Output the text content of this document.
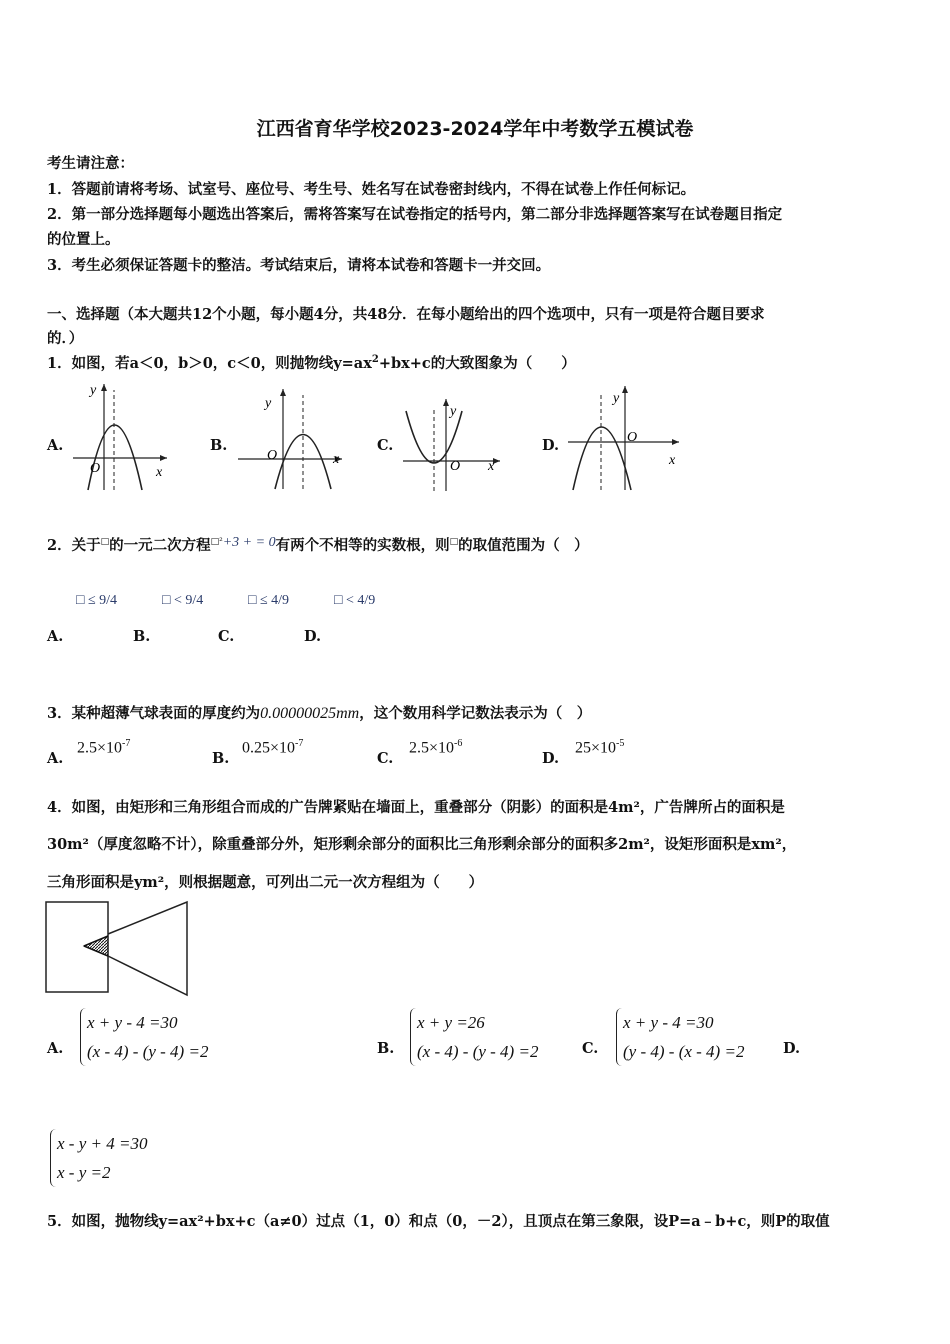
江西省育华学校2023-2024学年中考数学五模试卷
考生请注意：
1．答题前请将考场、试室号、座位号、考生号、姓名写在试卷密封线内，不得在试卷上作任何标记。
2．第一部分选择题每小题选出答案后，需将答案写在试卷指定的括号内，第二部分非选择题答案写在试卷题目指定
的位置上。
3．考生必须保证答题卡的整洁。考试结束后，请将本试卷和答题卡一并交回。
一、选择题（本大题共12个小题，每小题4分，共48分．在每小题给出的四个选项中，只有一项是符合题目要求
的．）
1．如图，若a＜0，b＞0，c＜0，则抛物线$y=ax^2+bx+c$的大致图象为（　　）
A.
y
O	x
B.
y
O	x
C.
y
O x
D.
y
O
x
2．关于□的一元二次方程$^{□^2}$+3 + = 0有两个不相等的实数根，则□的取值范围为（　）
□ ≤ 9/4	□ < 9/4	□ ≤ 4/9	□ < 4/9
A.	B.	C.	D.
3．某种超薄气球表面的厚度约为0.00000025mm，这个数用科学记数法表示为（　）
A.
$2.5\times 10^{-7}$
B.
$0.25\times 10^{-7}$
C.
$2.5\times 10^{-6}$
D.
$25\times 10^{-5}$
4．如图，由矩形和三角形组合而成的广告牌紧贴在墙面上，重叠部分（阴影）的面积是4m²，广告牌所占的面积是
30m²（厚度忽略不计），除重叠部分外，矩形剩余部分的面积比三角形剩余部分的面积多2m²，设矩形面积是xm²，
三角形面积是ym²，则根据题意，可列出二元一次方程组为（　　）
A.
x + y - 4 =30
(x - 4) - (y - 4) =2	B.
x + y =26
(x - 4) - (y - 4) =2	C.
x + y - 4 =30
(y - 4) - (x - 4) =2	D.
x - y + 4 =30
x - y =2
5．如图，抛物线y=ax²+bx+c（a≠0）过点（1，0）和点（0，－2），且顶点在第三象限，设P=a﹣b+c，则P的取值
